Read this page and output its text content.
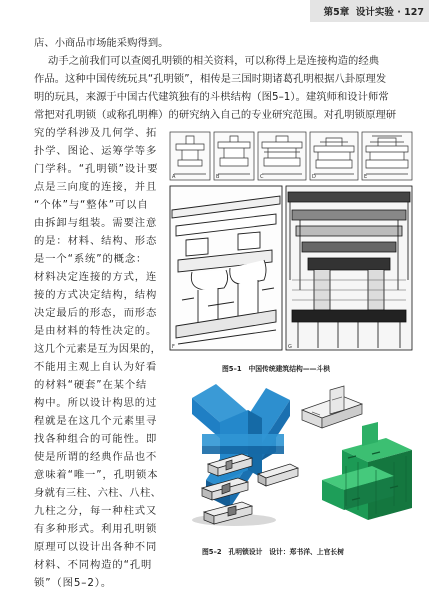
第5章 设计实验 · 127
店、小商品市场能采购得到。
动手之前我们可以查阅孔明锁的相关资料，可以称得上是连接构造的经典
作品。这种中国传统玩具“孔明锁”，相传是三国时期诸葛孔明根据八卦原理发
明的玩具，来源于中国古代建筑独有的斗栱结构（图5–1）。建筑师和设计师常
常把对孔明锁（或称孔明榫）的研究纳入自己的专业研究范围。对孔明锁原理研
究的学科涉及几何学、拓
扑学、图论、运筹学等多
门学科。“孔明锁”设计要
点是三向度的连接，并且
“个体”与“整体”可以自
由拆卸与组装。需要注意
的是：材料、结构、形态
是一个“系统”的概念：
材料决定连接的方式，连
接的方式决定结构，结构
决定最后的形态，而形态
是由材料的特性决定的。
这几个元素是互为因果的，
不能用主观上自认为好看
的材料“硬套”在某个结
构中。所以设计构思的过
程就是在这几个元素里寻
找各种组合的可能性。即
使是所谓的经典作品也不
意味着“唯一”，孔明锁本
身就有三柱、六柱、八柱、
九柱之分，每一种柱式又
有多种形式。利用孔明锁
原理可以设计出各种不同
材料、不同构造的“孔明
锁”（图5–2）。
A	B	C	D	E
F	G
图5–1　中国传统建筑结构——斗栱
图5–2　孔明锁设计　设计：郑书洋、上官长树
